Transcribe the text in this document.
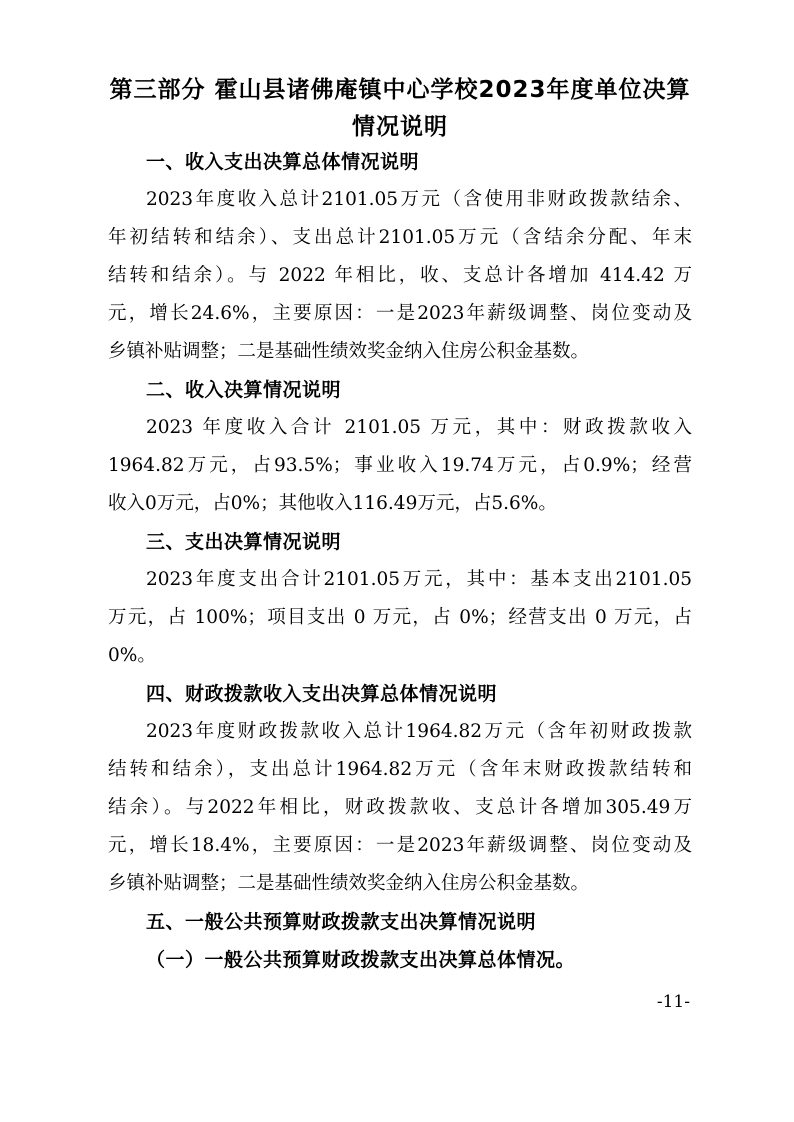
第三部分 霍山县诸佛庵镇中心学校2023年度单位决算
情况说明
一、收入支出决算总体情况说明
2023年度收入总计2101.05万元（含使用非财政拨款结余、
年初结转和结余）、支出总计2101.05万元（含结余分配、年末
结转和结余）。与 2022 年相比，收、支总计各增加 414.42 万
元，增长24.6%，主要原因：一是2023年薪级调整、岗位变动及
乡镇补贴调整；二是基础性绩效奖金纳入住房公积金基数。
二、收入决算情况说明
2023 年度收入合计 2101.05 万元，其中：财政拨款收入
1964.82万元，占93.5%；事业收入19.74万元，占0.9%；经营
收入0万元，占0%；其他收入116.49万元，占5.6%。
三、支出决算情况说明
2023年度支出合计2101.05万元，其中：基本支出2101.05
万元，占 100%；项目支出 0 万元，占 0%；经营支出 0 万元，占
0%。
四、财政拨款收入支出决算总体情况说明
2023年度财政拨款收入总计1964.82万元（含年初财政拨款
结转和结余），支出总计1964.82万元（含年末财政拨款结转和
结余）。与2022年相比，财政拨款收、支总计各增加305.49万
元，增长18.4%，主要原因：一是2023年薪级调整、岗位变动及
乡镇补贴调整；二是基础性绩效奖金纳入住房公积金基数。
五、一般公共预算财政拨款支出决算情况说明
（一）一般公共预算财政拨款支出决算总体情况。
-11-
